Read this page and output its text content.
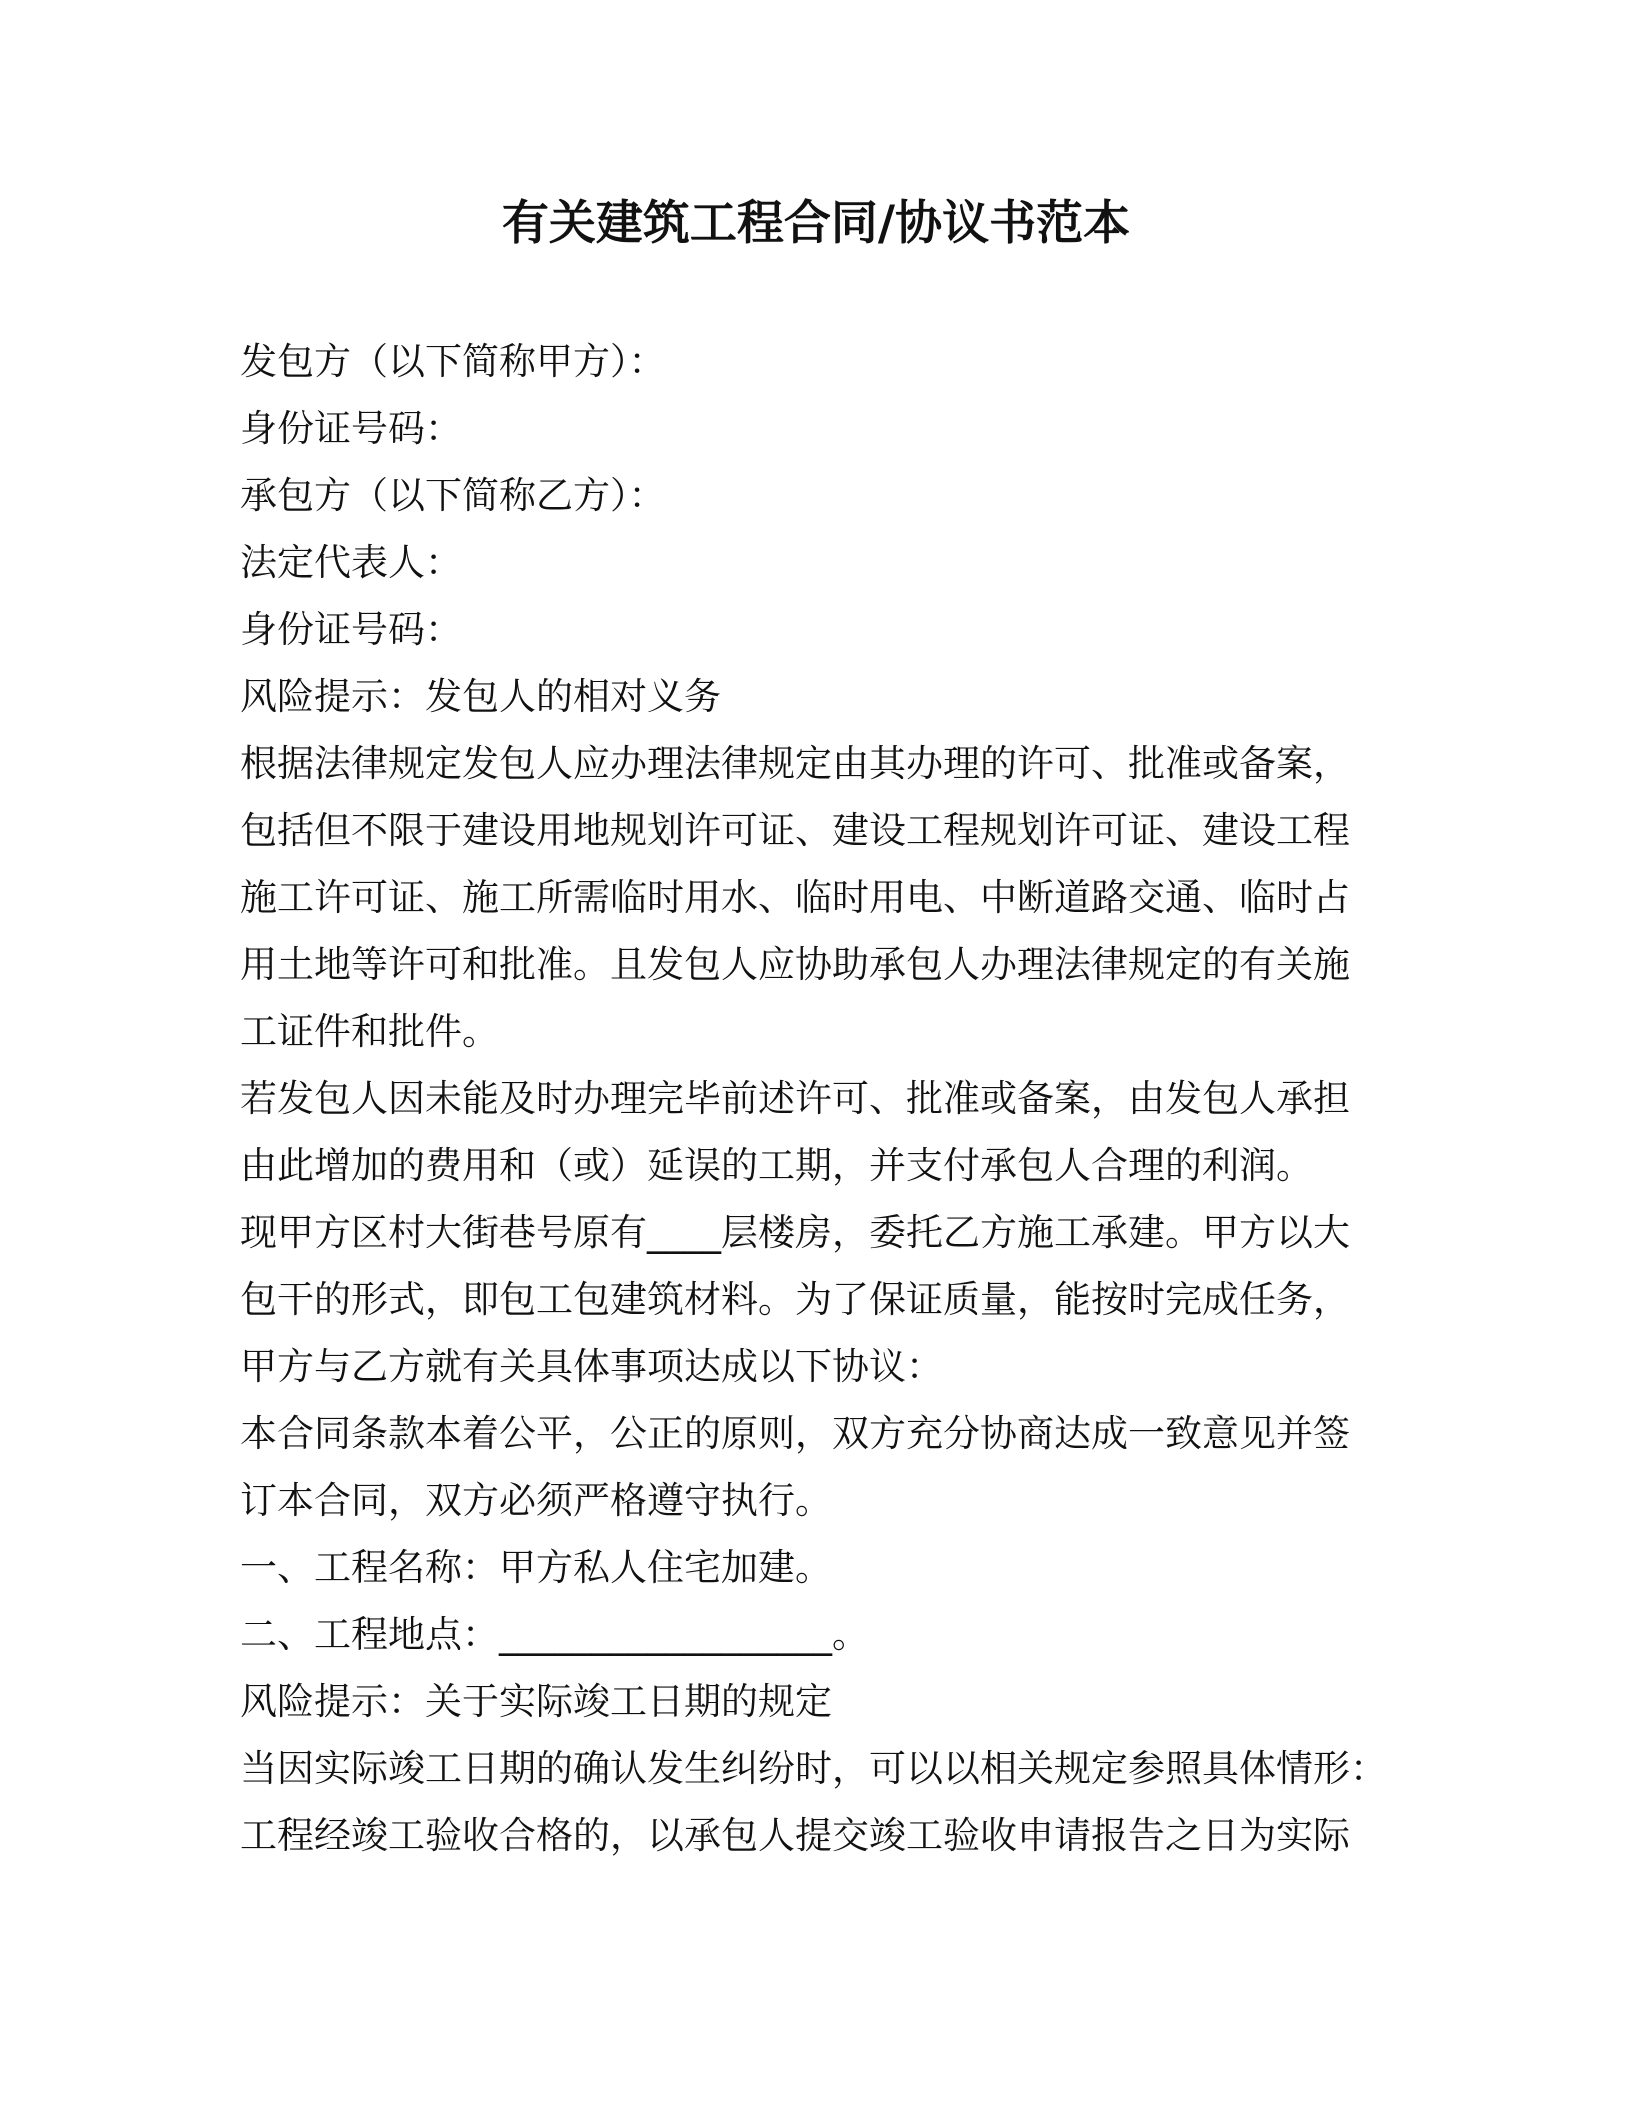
有关建筑工程合同/协议书范本
发包方（以下简称甲方）：
身份证号码：
承包方（以下简称乙方）：
法定代表人：
身份证号码：
风险提示：发包人的相对义务
根据法律规定发包人应办理法律规定由其办理的许可、批准或备案，
包括但不限于建设用地规划许可证、建设工程规划许可证、建设工程
施工许可证、施工所需临时用水、临时用电、中断道路交通、临时占
用土地等许可和批准。且发包人应协助承包人办理法律规定的有关施
工证件和批件。
若发包人因未能及时办理完毕前述许可、批准或备案，由发包人承担
由此增加的费用和（或）延误的工期，并支付承包人合理的利润。
现甲方区村大街巷号原有____层楼房，委托乙方施工承建。甲方以大
包干的形式，即包工包建筑材料。为了保证质量，能按时完成任务，
甲方与乙方就有关具体事项达成以下协议：
本合同条款本着公平，公正的原则，双方充分协商达成一致意见并签
订本合同，双方必须严格遵守执行。
一、工程名称：甲方私人住宅加建。
二、工程地点：__________________。
风险提示：关于实际竣工日期的规定
当因实际竣工日期的确认发生纠纷时，可以以相关规定参照具体情形：
工程经竣工验收合格的，以承包人提交竣工验收申请报告之日为实际
